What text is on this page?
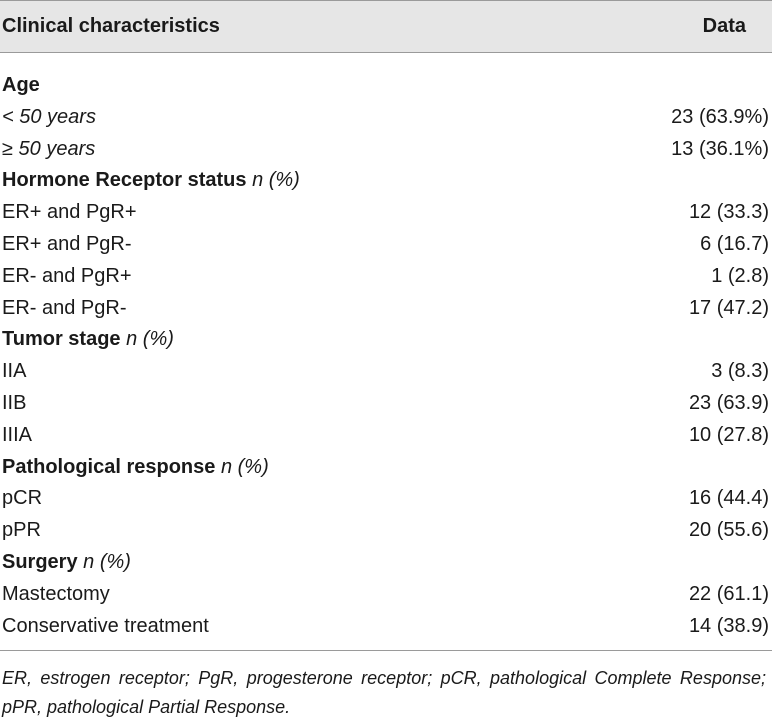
Clinical characteristics	Data
Age
< 50 years	23 (63.9%)
≥ 50 years	13 (36.1%)
Hormone Receptor status n (%)
ER+ and PgR+	12 (33.3)
ER+ and PgR-	6 (16.7)
ER- and PgR+	1 (2.8)
ER- and PgR-	17 (47.2)
Tumor stage n (%)
IIA	3 (8.3)
IIB	23 (63.9)
IIIA	10 (27.8)
Pathological response n (%)
pCR	16 (44.4)
pPR	20 (55.6)
Surgery n (%)
Mastectomy	22 (61.1)
Conservative treatment	14 (38.9)
ER, estrogen receptor; PgR, progesterone receptor; pCR, pathological Complete Response; pPR, pathological Partial Response.
